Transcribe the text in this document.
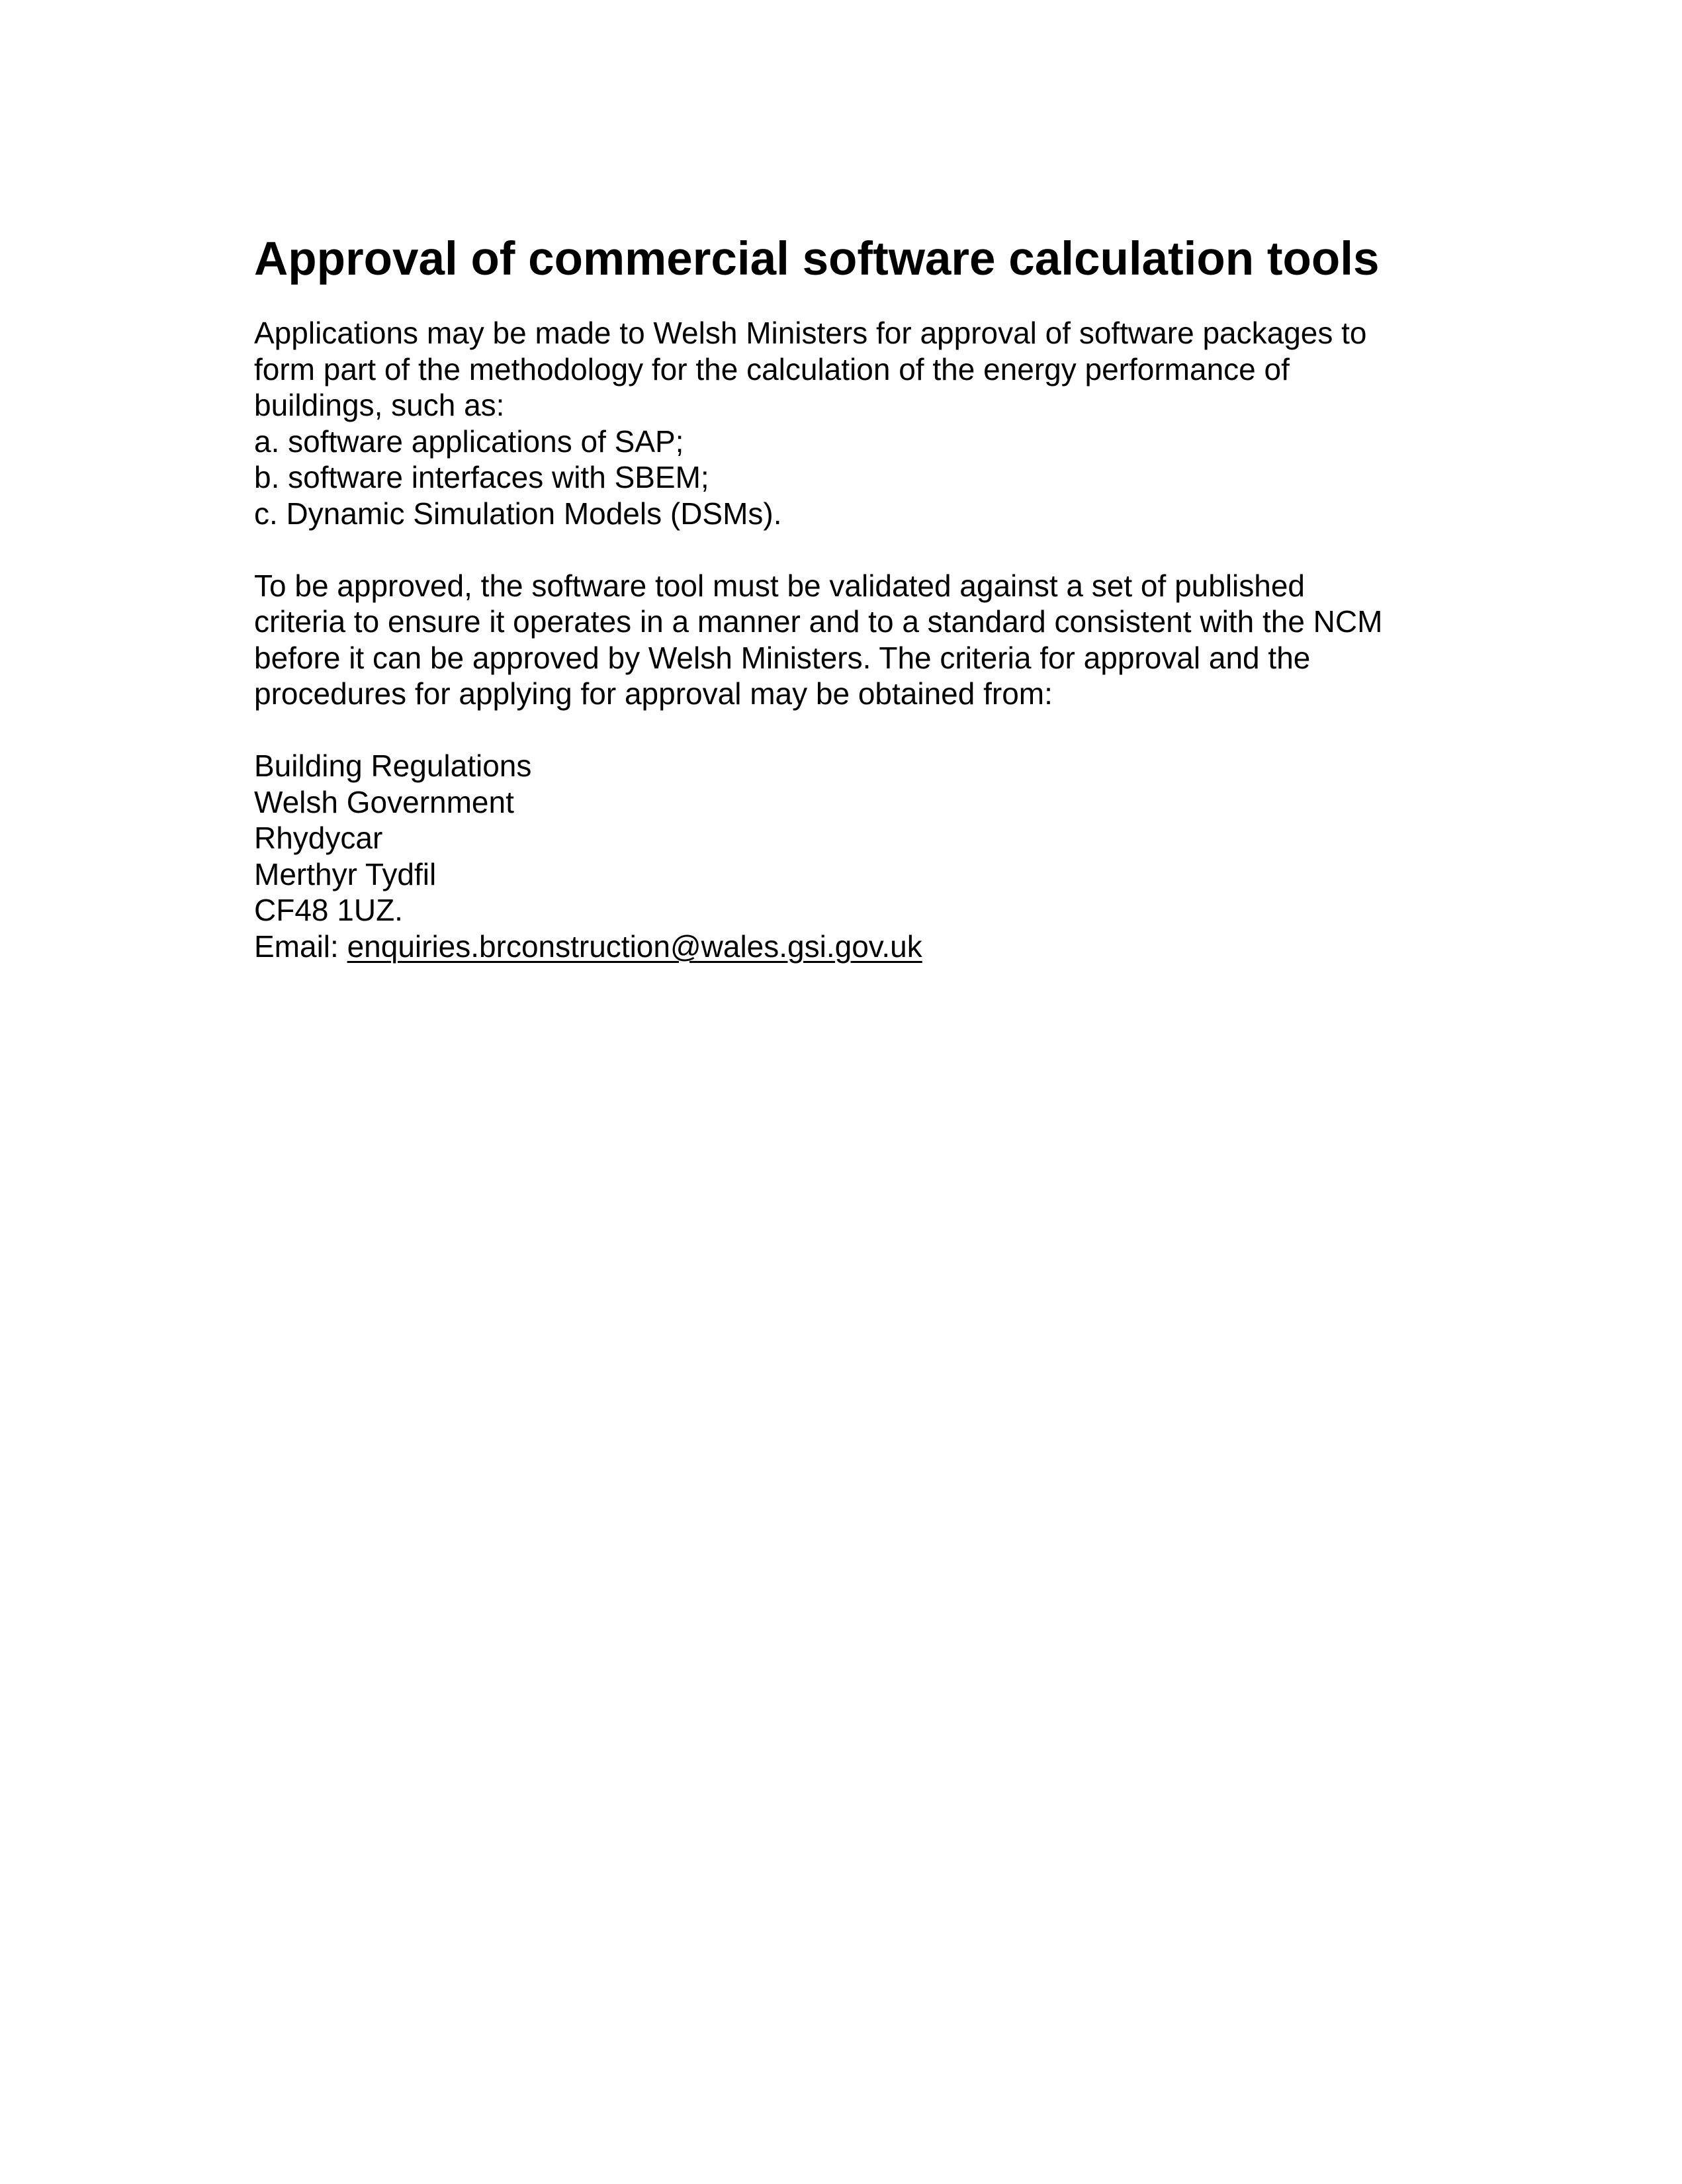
Approval of commercial software calculation tools
Applications may be made to Welsh Ministers for approval of software packages to
form part of the methodology for the calculation of the energy performance of
buildings, such as:
a. software applications of SAP;
b. software interfaces with SBEM;
c. Dynamic Simulation Models (DSMs).
To be approved, the software tool must be validated against a set of published
criteria to ensure it operates in a manner and to a standard consistent with the NCM
before it can be approved by Welsh Ministers. The criteria for approval and the
procedures for applying for approval may be obtained from:
Building Regulations
Welsh Government
Rhydycar
Merthyr Tydfil
CF48 1UZ.
Email: enquiries.brconstruction@wales.gsi.gov.uk
